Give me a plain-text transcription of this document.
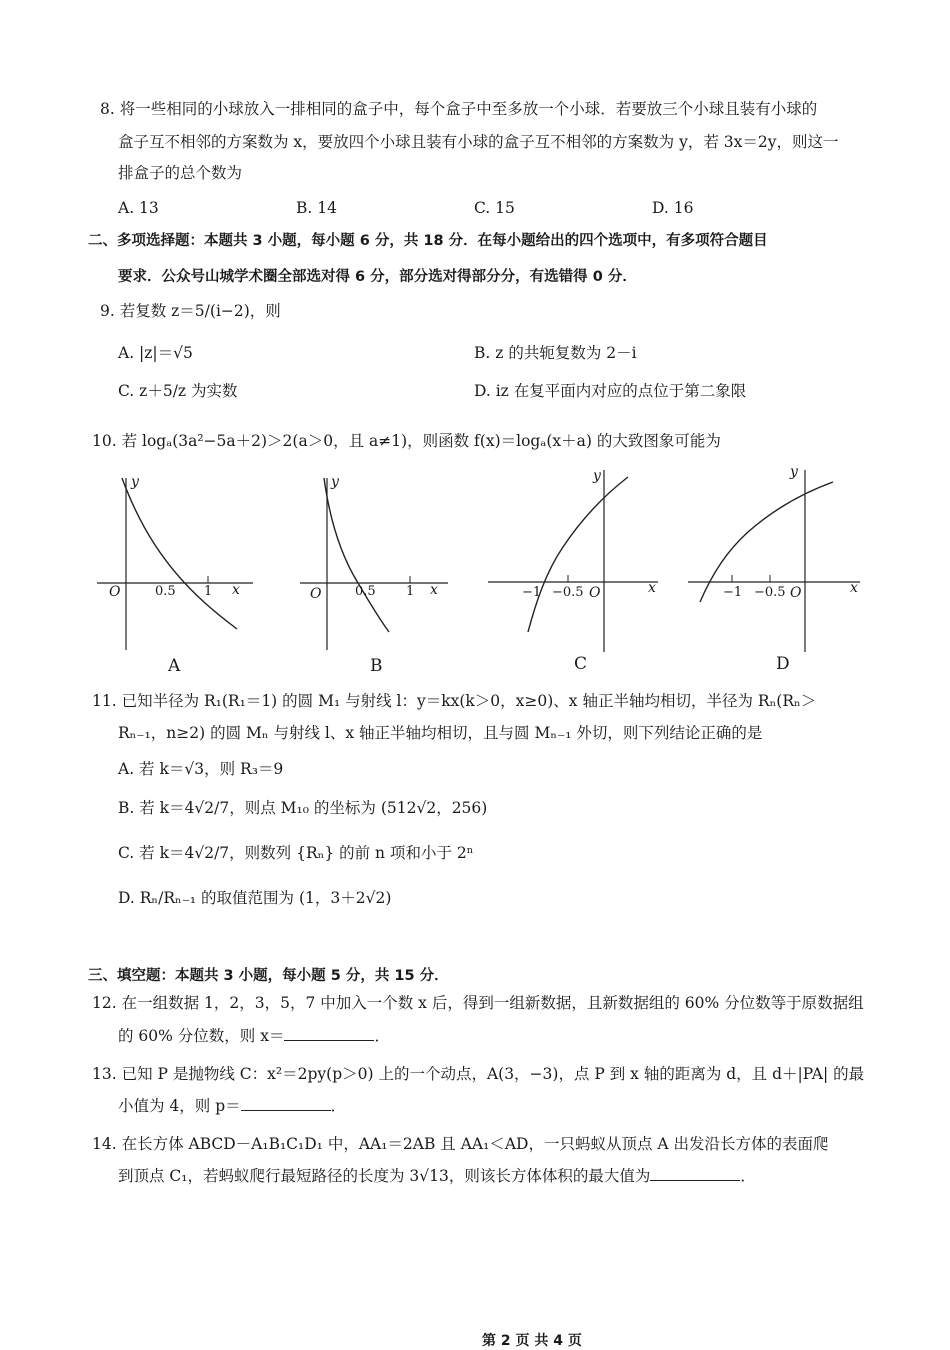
8. 将一些相同的小球放入一排相同的盒子中，每个盒子中至多放一个小球．若要放三个小球且装有小球的
盒子互不相邻的方案数为 x，要放四个小球且装有小球的盒子互不相邻的方案数为 y，若 3x＝2y，则这一
排盒子的总个数为
A. 13	B. 14	C. 15	D. 16
二、多项选择题：本题共 3 小题，每小题 6 分，共 18 分．在每小题给出的四个选项中，有多项符合题目
要求．公众号山城学术圈全部选对得 6 分，部分选对得部分分，有选错得 0 分．
9. 若复数 z＝5/(i−2)，则
A. |z|＝√5	B. z 的共轭复数为 2－i
C. z＋5/z 为实数	D. iz 在复平面内对应的点位于第二象限
10. 若 logₐ(3a²−5a＋2)＞2(a＞0，且 a≠1)，则函数 f(x)＝logₐ(x＋a) 的大致图象可能为
O	0.5 1 x
y
A
O	0.5 1 x
y
B
−1 −0.5 O	x
y
C
−1 −0.5 O	x
y
D
11. 已知半径为 R₁(R₁＝1) 的圆 M₁ 与射线 l：y＝kx(k＞0，x≥0)、x 轴正半轴均相切，半径为 Rₙ(Rₙ＞
Rₙ₋₁，n≥2) 的圆 Mₙ 与射线 l、x 轴正半轴均相切，且与圆 Mₙ₋₁ 外切，则下列结论正确的是
A. 若 k＝√3，则 R₃＝9
B. 若 k＝4√2/7，则点 M₁₀ 的坐标为 (512√2，256)
C. 若 k＝4√2/7，则数列 {Rₙ} 的前 n 项和小于 2ⁿ
D. Rₙ/Rₙ₋₁ 的取值范围为 (1，3＋2√2)
三、填空题：本题共 3 小题，每小题 5 分，共 15 分．
12. 在一组数据 1，2，3，5，7 中加入一个数 x 后，得到一组新数据，且新数据组的 60% 分位数等于原数据组
的 60% 分位数，则 x＝	．
13. 已知 P 是抛物线 C：x²＝2py(p＞0) 上的一个动点，A(3，−3)，点 P 到 x 轴的距离为 d，且 d＋|PA| 的最
小值为 4，则 p＝	．
14. 在长方体 ABCD－A₁B₁C₁D₁ 中，AA₁＝2AB 且 AA₁＜AD，一只蚂蚁从顶点 A 出发沿长方体的表面爬
到顶点 C₁，若蚂蚁爬行最短路径的长度为 3√13，则该长方体体积的最大值为	．
第 2 页 共 4 页
